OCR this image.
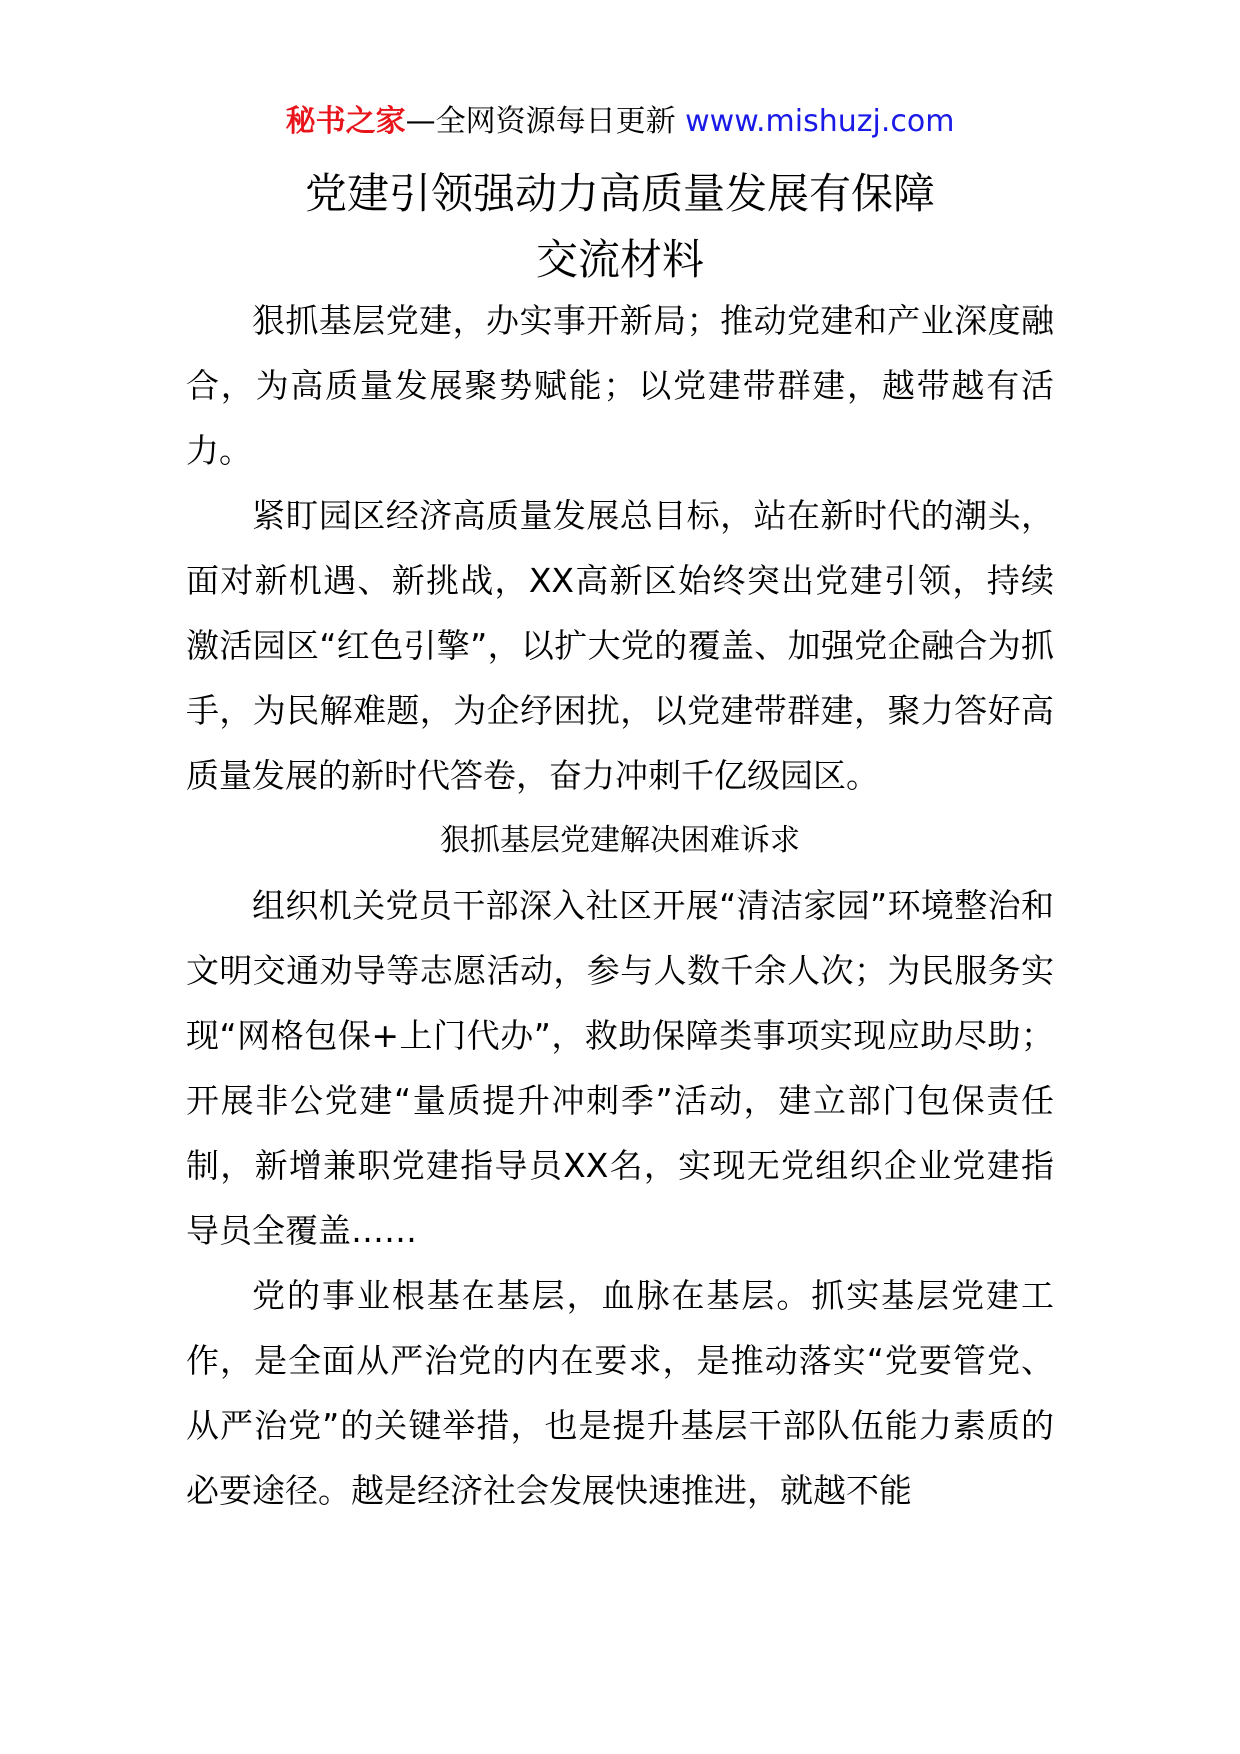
秘书之家—全网资源每日更新 www.mishuzj.com
党建引领强动力高质量发展有保障
交流材料

狠抓基层党建，办实事开新局；推动党建和产业深度融合，为高质量发展聚势赋能；以党建带群建，越带越有活力。

紧盯园区经济高质量发展总目标，站在新时代的潮头，面对新机遇、新挑战，XX高新区始终突出党建引领，持续激活园区“红色引擎”，以扩大党的覆盖、加强党企融合为抓手，为民解难题，为企纾困扰，以党建带群建，聚力答好高质量发展的新时代答卷，奋力冲刺千亿级园区。

狠抓基层党建解决困难诉求

组织机关党员干部深入社区开展“清洁家园”环境整治和文明交通劝导等志愿活动，参与人数千余人次；为民服务实现“网格包保+上门代办”，救助保障类事项实现应助尽助；开展非公党建“量质提升冲刺季”活动，建立部门包保责任制，新增兼职党建指导员XX名，实现无党组织企业党建指导员全覆盖……

党的事业根基在基层，血脉在基层。抓实基层党建工作，是全面从严治党的内在要求，是推动落实“党要管党、从严治党”的关键举措，也是提升基层干部队伍能力素质的必要途径。越是经济社会发展快速推进，就越不能
